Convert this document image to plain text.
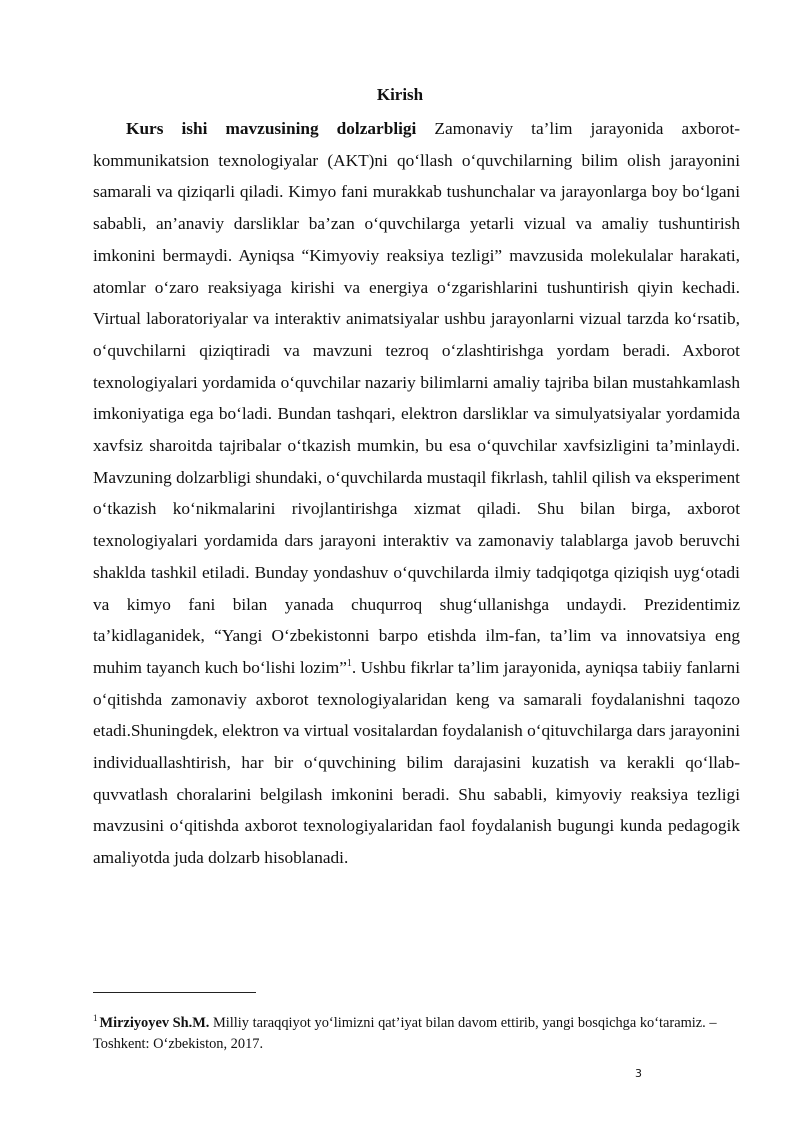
Kirish

Kurs ishi mavzusining dolzarbligi Zamonaviy ta’lim jarayonida axborot-kommunikatsion texnologiyalar (AKT)ni qo‘llash o‘quvchilarning bilim olish jarayonini samarali va qiziqarli qiladi. Kimyo fani murakkab tushunchalar va jarayonlarga boy bo‘lgani sababli, an’anaviy darsliklar ba’zan o‘quvchilarga yetarli vizual va amaliy tushuntirish imkonini bermaydi. Ayniqsa “Kimyoviy reaksiya tezligi” mavzusida molekulalar harakati, atomlar o‘zaro reaksiyaga kirishi va energiya o‘zgarishlarini tushuntirish qiyin kechadi. Virtual laboratoriyalar va interaktiv animatsiyalar ushbu jarayonlarni vizual tarzda ko‘rsatib, o‘quvchilarni qiziqtiradi va mavzuni tezroq o‘zlashtirishga yordam beradi. Axborot texnologiyalari yordamida o‘quvchilar nazariy bilimlarni amaliy tajriba bilan mustahkamlash imkoniyatiga ega bo‘ladi. Bundan tashqari, elektron darsliklar va simulyatsiyalar yordamida xavfsiz sharoitda tajribalar o‘tkazish mumkin, bu esa o‘quvchilar xavfsizligini ta’minlaydi. Mavzuning dolzarbligi shundaki, o‘quvchilarda mustaqil fikrlash, tahlil qilish va eksperiment o‘tkazish ko‘nikmalarini rivojlantirishga xizmat qiladi. Shu bilan birga, axborot texnologiyalari yordamida dars jarayoni interaktiv va zamonaviy talablarga javob beruvchi shaklda tashkil etiladi. Bunday yondashuv o‘quvchilarda ilmiy tadqiqotga qiziqish uyg‘otadi va kimyo fani bilan yanada chuqurroq shug‘ullanishga undaydi. Prezidentimiz ta’kidlaganidek, “Yangi O‘zbekistonni barpo etishda ilm-fan, ta’lim va innovatsiya eng muhim tayanch kuch bo‘lishi lozim”$^1$. Ushbu fikrlar ta’lim jarayonida, ayniqsa tabiiy fanlarni o‘qitishda zamonaviy axborot texnologiyalaridan keng va samarali foydalanishni taqozo etadi.Shuningdek, elektron va virtual vositalardan foydalanish o‘qituvchilarga dars jarayonini individuallashtirish, har bir o‘quvchining bilim darajasini kuzatish va kerakli qo‘llab-quvvatlash choralarini belgilash imkonini beradi. Shu sababli, kimyoviy reaksiya tezligi mavzusini o‘qitishda axborot texnologiyalaridan faol foydalanish bugungi kunda pedagogik amaliyotda juda dolzarb hisoblanadi.

$^1$ Mirziyoyev Sh.M. Milliy taraqqiyot yo‘limizni qat’iyat bilan davom ettirib, yangi bosqichga ko‘taramiz. – Toshkent: O‘zbekiston, 2017.

3
